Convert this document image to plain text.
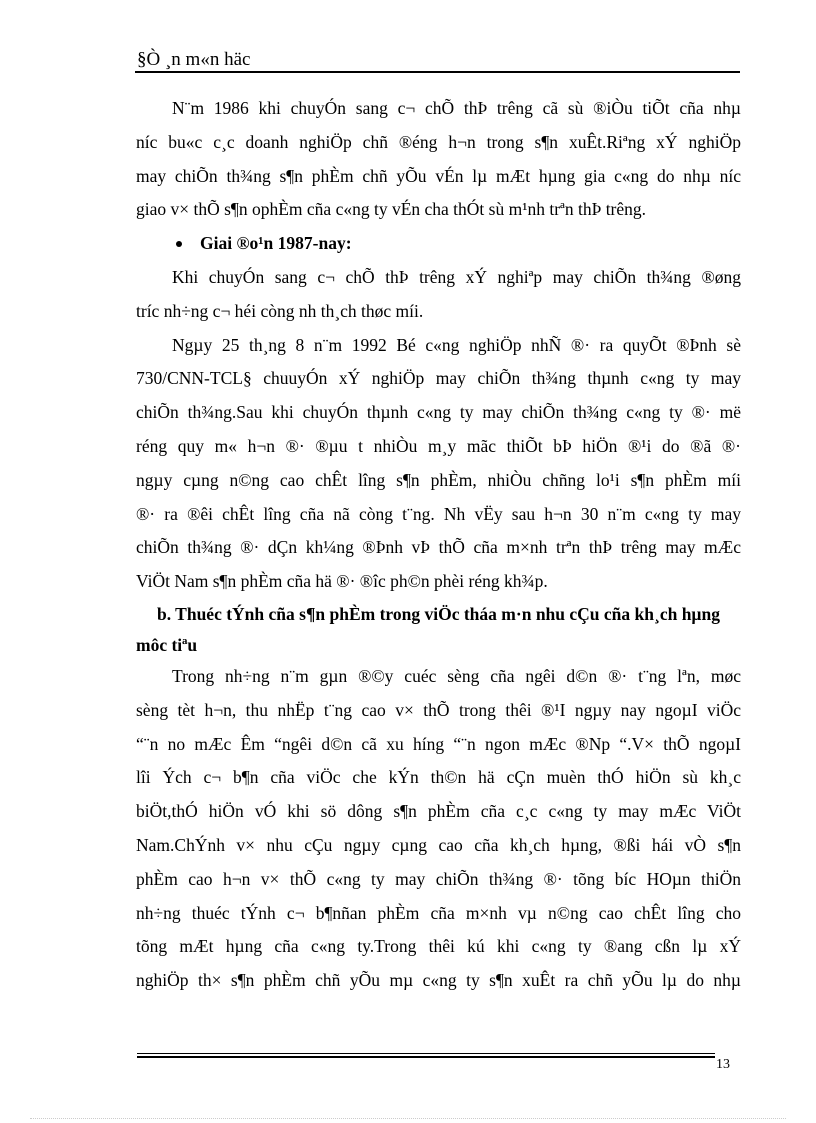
§Ò ¸n m«n häc
N¨m 1986 khi chuyÓn sang c¬ chÕ thÞ trêng cã sù ®iÒu tiÕt cña nhµ
níc bu«c c¸c doanh nghiÖp chñ ®éng h¬n trong s¶n xuÊt.Riªng xÝ nghiÖp
may chiÕn th¾ng s¶n phÈm chñ yÕu vÉn lµ mÆt hµng gia c«ng do nhµ níc
giao v× thÕ s¶n ophÈm cña c«ng ty vÉn cha thÓt sù m¹nh trªn thÞ trêng.
Giai ®o¹n 1987-nay:
Khi chuyÓn sang c¬ chÕ thÞ trêng xÝ nghiªp may chiÕn th¾ng ®øng
tríc nh÷ng c¬ héi còng nh th¸ch thøc míi.
Ngµy 25 th¸ng 8 n¨m 1992 Bé c«ng nghiÖp nhÑ ®· ra quyÕt ®Þnh sè
730/CNN-TCL§ chuuyÓn xÝ nghiÖp may chiÕn th¾ng thµnh c«ng ty may
chiÕn th¾ng.Sau khi chuyÓn thµnh c«ng ty may chiÕn th¾ng c«ng ty ®· më
réng quy m« h¬n ®· ®µu t nhiÒu m¸y mãc thiÕt bÞ hiÖn ®¹i do ®ã ®·
ngµy cµng n©ng cao chÊt lîng s¶n phÈm, nhiÒu chñng lo¹i s¶n phÈm míi
®· ra ®êi chÊt lîng cña nã còng t¨ng. Nh vËy sau h¬n 30 n¨m c«ng ty may
chiÕn th¾ng ®· dÇn kh¼ng ®Þnh vÞ thÕ cña m×nh trªn thÞ trêng may mÆc
ViÖt Nam s¶n phÈm cña hä ®· ®îc ph©n phèi réng kh¾p.
b. Thuéc tÝnh cña s¶n phÈm trong viÖc tháa m·n nhu cÇu cña kh¸ch hµng
môc tiªu
Trong nh÷ng n¨m gµn ®©y cuéc sèng cña ngêi d©n ®· t¨ng lªn, møc
sèng tèt h¬n, thu nhËp t¨ng cao v× thÕ trong thêi ®¹I ngµy nay ngoµI viÖc
“¨n no mÆc Êm “ngêi d©n cã xu híng “¨n ngon mÆc ®Np “.V× thÕ ngoµI
lîi Ých c¬ b¶n cña viÖc che kÝn th©n hä cÇn muèn thÓ hiÖn sù kh¸c
biÖt,thÓ hiÖn vÓ khi sö dông s¶n phÈm cña c¸c c«ng ty may mÆc ViÖt
Nam.ChÝnh v× nhu cÇu ngµy cµng cao cña kh¸ch hµng, ®ßi hái vÒ s¶n
phÈm cao h¬n v× thÕ c«ng ty may chiÕn th¾ng ®· tõng bíc HOµn thiÖn
nh÷ng thuéc tÝnh c¬ b¶nñan phÈm cña m×nh vµ n©ng cao chÊt lîng cho
tõng mÆt hµng cña c«ng ty.Trong thêi kú khi c«ng ty ®ang cßn lµ xÝ
nghiÖp th× s¶n phÈm chñ yÕu mµ c«ng ty s¶n xuÊt ra chñ yÕu lµ do nhµ
13
